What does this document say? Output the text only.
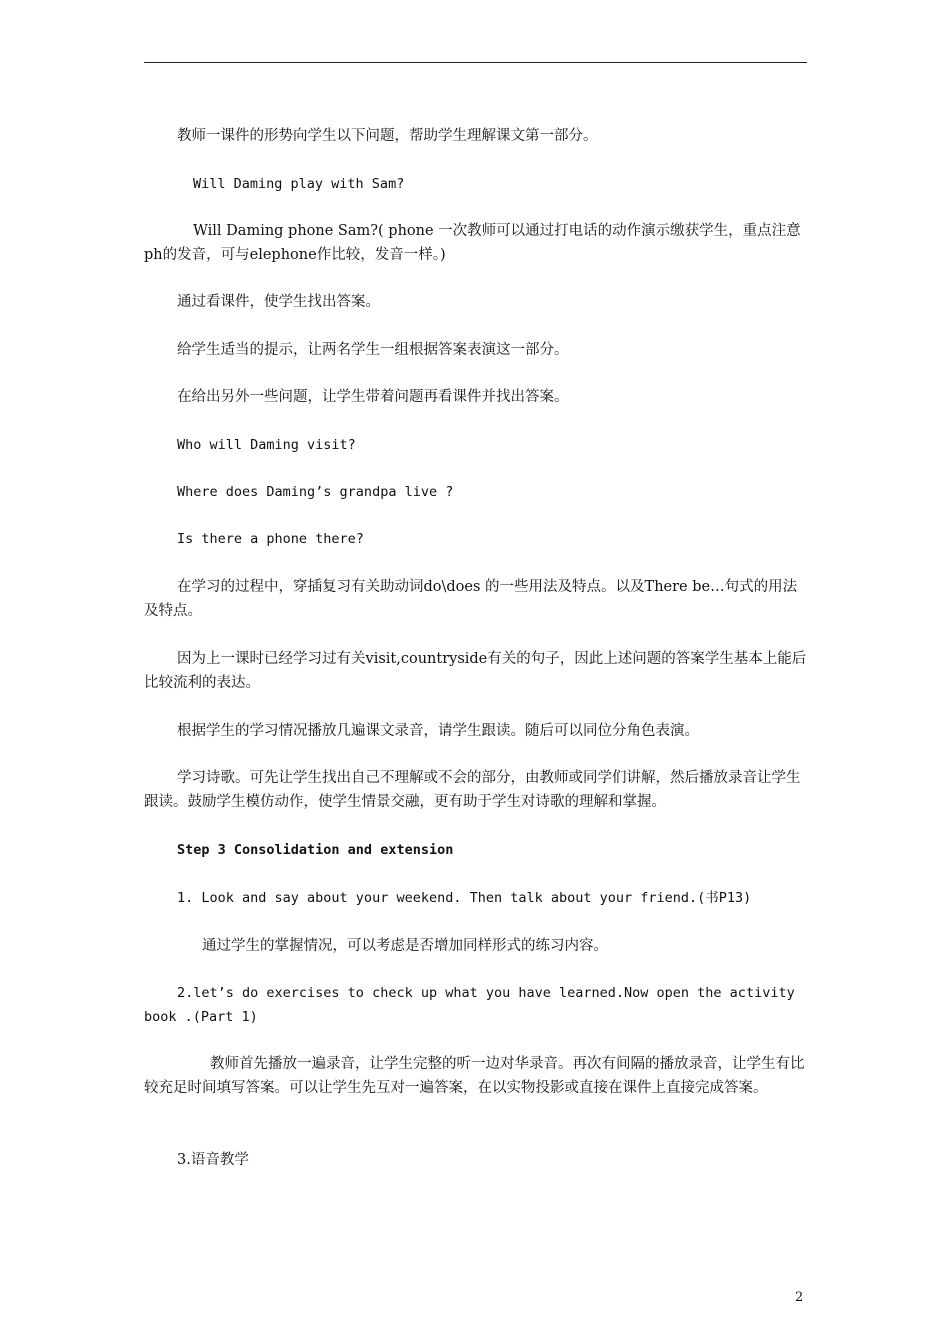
教师一课件的形势向学生以下问题，帮助学生理解课文第一部分。

Will Daming play with Sam?

Will Daming phone Sam?( phone 一次教师可以通过打电话的动作演示缴获学生，重点注意ph的发音，可与elephone作比较，发音一样。)

通过看课件，使学生找出答案。

给学生适当的提示，让两名学生一组根据答案表演这一部分。

在给出另外一些问题，让学生带着问题再看课件并找出答案。

Who will Daming visit?

Where does Daming’s grandpa live ?

Is there a phone there?

在学习的过程中，穿插复习有关助动词do\does 的一些用法及特点。以及There be…句式的用法及特点。

因为上一课时已经学习过有关visit,countryside有关的句子，因此上述问题的答案学生基本上能后比较流利的表达。

根据学生的学习情况播放几遍课文录音，请学生跟读。随后可以同位分角色表演。

学习诗歌。可先让学生找出自己不理解或不会的部分，由教师或同学们讲解，然后播放录音让学生跟读。鼓励学生模仿动作，使学生情景交融，更有助于学生对诗歌的理解和掌握。

Step 3 Consolidation and extension

1. Look and say about your weekend. Then talk about your friend.(书P13)

通过学生的掌握情况，可以考虑是否增加同样形式的练习内容。

2.let’s do exercises to check up what you have learned.Now open the activity book .(Part 1)

教师首先播放一遍录音，让学生完整的听一边对华录音。再次有间隔的播放录音，让学生有比较充足时间填写答案。可以让学生先互对一遍答案，在以实物投影或直接在课件上直接完成答案。

3.语音教学

2
